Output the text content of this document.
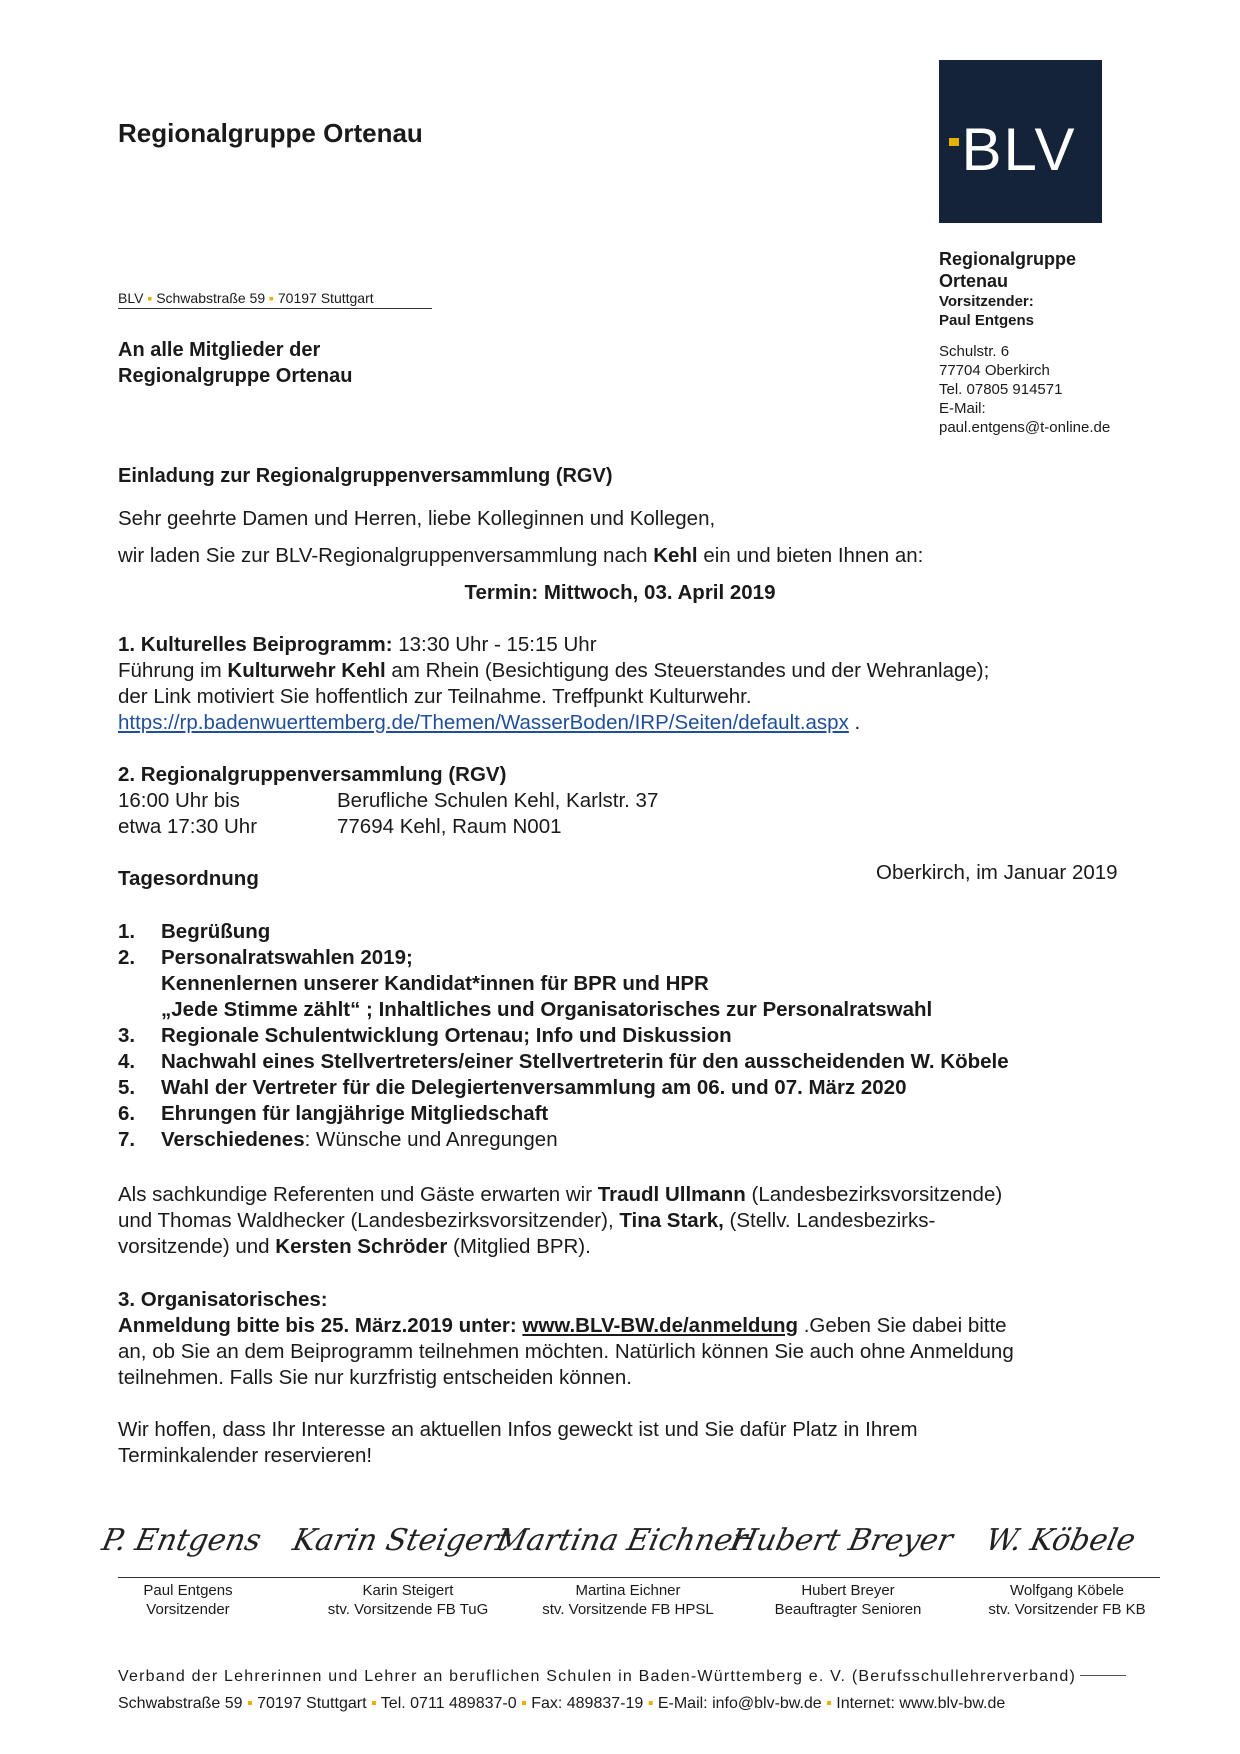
Regionalgruppe Ortenau	BLV
BLV ▪ Schwabstraße 59 ▪ 70197 Stuttgart
An alle Mitglieder der
Regionalgruppe Ortenau
Regionalgruppe
Ortenau
Vorsitzender:
Paul Entgens
Schulstr. 6
77704 Oberkirch
Tel. 07805 914571
E-Mail:
paul.entgens@t-online.de
Einladung zur Regionalgruppenversammlung (RGV)
Sehr geehrte Damen und Herren, liebe Kolleginnen und Kollegen,
wir laden Sie zur BLV-Regionalgruppenversammlung nach Kehl ein und bieten Ihnen an:
Termin: Mittwoch, 03. April 2019
1. Kulturelles Beiprogramm: 13:30 Uhr - 15:15 Uhr
Führung im Kulturwehr Kehl am Rhein (Besichtigung des Steuerstandes und der Wehranlage);
der Link motiviert Sie hoffentlich zur Teilnahme. Treffpunkt Kulturwehr.
https://rp.badenwuerttemberg.de/Themen/WasserBoden/IRP/Seiten/default.aspx .
2. Regionalgruppenversammlung (RGV)
16:00 Uhr bis
etwa 17:30 Uhr
Berufliche Schulen Kehl, Karlstr. 37
77694 Kehl, Raum N001
Tagesordnung	Oberkirch, im Januar 2019
1. Begrüßung
2. Personalratswahlen 2019;
Kennenlernen unserer Kandidat*innen für BPR und HPR
„Jede Stimme zählt“ ; Inhaltliches und Organisatorisches zur Personalratswahl
3. Regionale Schulentwicklung Ortenau; Info und Diskussion
4. Nachwahl eines Stellvertreters/einer Stellvertreterin für den ausscheidenden W. Köbele
5. Wahl der Vertreter für die Delegiertenversammlung am 06. und 07. März 2020
6. Ehrungen für langjährige Mitgliedschaft
7. Verschiedenes: Wünsche und Anregungen
Als sachkundige Referenten und Gäste erwarten wir Traudl Ullmann (Landesbezirksvorsitzende)
und Thomas Waldhecker (Landesbezirksvorsitzender), Tina Stark, (Stellv. Landesbezirks-
vorsitzende) und Kersten Schröder (Mitglied BPR).
3. Organisatorisches:
Anmeldung bitte bis 25. März.2019 unter: www.BLV-BW.de/anmeldung .Geben Sie dabei bitte
an, ob Sie an dem Beiprogramm teilnehmen möchten. Natürlich können Sie auch ohne Anmeldung
teilnehmen. Falls Sie nur kurzfristig entscheiden können.
Wir hoffen, dass Ihr Interesse an aktuellen Infos geweckt ist und Sie dafür Platz in Ihrem
Terminkalender reservieren!
P. Entgens
Paul Entgens
Vorsitzender
Karin Steigert
Karin Steigert
stv. Vorsitzende FB TuG
Martina Eichner
Martina Eichner
stv. Vorsitzende FB HPSL
Hubert Breyer
Hubert Breyer
Beauftragter Senioren
W. Köbele
Wolfgang Köbele
stv. Vorsitzender FB KB
Verband der Lehrerinnen und Lehrer an beruflichen Schulen in Baden-Württemberg e. V. (Berufsschullehrerverband)
Schwabstraße 59 ▪ 70197 Stuttgart ▪ Tel. 0711 489837-0 ▪ Fax: 489837-19 ▪ E-Mail: info@blv-bw.de ▪ Internet: www.blv-bw.de
